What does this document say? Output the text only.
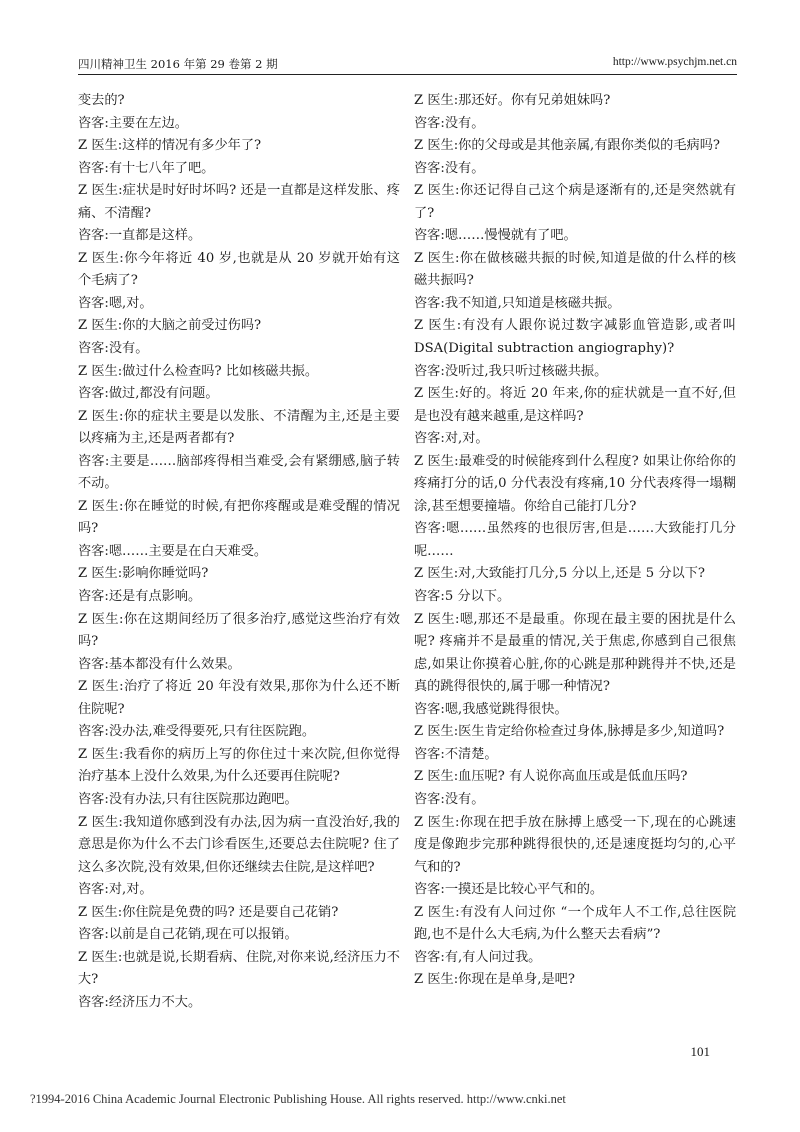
四川精神卫生 2016 年第 29 卷第 2 期	http://www.psychjm.net.cn

变去的?

咨客:主要在左边。

Z 医生:这样的情况有多少年了?

咨客:有十七八年了吧。

Z 医生:症状是时好时坏吗? 还是一直都是这样发胀、疼痛、不清醒?

咨客:一直都是这样。

Z 医生:你今年将近 40 岁,也就是从 20 岁就开始有这个毛病了?

咨客:嗯,对。

Z 医生:你的大脑之前受过伤吗?

咨客:没有。

Z 医生:做过什么检查吗? 比如核磁共振。

咨客:做过,都没有问题。

Z 医生:你的症状主要是以发胀、不清醒为主,还是主要以疼痛为主,还是两者都有?

咨客:主要是……脑部疼得相当难受,会有紧绷感,脑子转不动。

Z 医生:你在睡觉的时候,有把你疼醒或是难受醒的情况吗?

咨客:嗯……主要是在白天难受。

Z 医生:影响你睡觉吗?

咨客:还是有点影响。

Z 医生:你在这期间经历了很多治疗,感觉这些治疗有效吗?

咨客:基本都没有什么效果。

Z 医生:治疗了将近 20 年没有效果,那你为什么还不断住院呢?

咨客:没办法,难受得要死,只有往医院跑。

Z 医生:我看你的病历上写的你住过十来次院,但你觉得治疗基本上没什么效果,为什么还要再住院呢?

咨客:没有办法,只有往医院那边跑吧。

Z 医生:我知道你感到没有办法,因为病一直没治好,我的意思是你为什么不去门诊看医生,还要总去住院呢? 住了这么多次院,没有效果,但你还继续去住院,是这样吧?

咨客:对,对。

Z 医生:你住院是免费的吗? 还是要自己花销?

咨客:以前是自己花销,现在可以报销。

Z 医生:也就是说,长期看病、住院,对你来说,经济压力不大?

咨客:经济压力不大。

Z 医生:那还好。你有兄弟姐妹吗?

咨客:没有。

Z 医生:你的父母或是其他亲属,有跟你类似的毛病吗?

咨客:没有。

Z 医生:你还记得自己这个病是逐渐有的,还是突然就有了?

咨客:嗯……慢慢就有了吧。

Z 医生:你在做核磁共振的时候,知道是做的什么样的核磁共振吗?

咨客:我不知道,只知道是核磁共振。

Z 医生:有没有人跟你说过数字减影血管造影,或者叫 DSA(Digital subtraction angiography)?

咨客:没听过,我只听过核磁共振。

Z 医生:好的。将近 20 年来,你的症状就是一直不好,但是也没有越来越重,是这样吗?

咨客:对,对。

Z 医生:最难受的时候能疼到什么程度? 如果让你给你的疼痛打分的话,0 分代表没有疼痛,10 分代表疼得一塌糊涂,甚至想要撞墙。你给自己能打几分?

咨客:嗯……虽然疼的也很厉害,但是……大致能打几分呢……

Z 医生:对,大致能打几分,5 分以上,还是 5 分以下?

咨客:5 分以下。

Z 医生:嗯,那还不是最重。你现在最主要的困扰是什么呢? 疼痛并不是最重的情况,关于焦虑,你感到自己很焦虑,如果让你摸着心脏,你的心跳是那种跳得并不快,还是真的跳得很快的,属于哪一种情况?

咨客:嗯,我感觉跳得很快。

Z 医生:医生肯定给你检查过身体,脉搏是多少,知道吗?

咨客:不清楚。

Z 医生:血压呢? 有人说你高血压或是低血压吗?

咨客:没有。

Z 医生:你现在把手放在脉搏上感受一下,现在的心跳速度是像跑步完那种跳得很快的,还是速度挺均匀的,心平气和的?

咨客:一摸还是比较心平气和的。

Z 医生:有没有人问过你 “一个成年人不工作,总往医院跑,也不是什么大毛病,为什么整天去看病”?

咨客:有,有人问过我。

Z 医生:你现在是单身,是吧?

101
?1994-2016 China Academic Journal Electronic Publishing House. All rights reserved. http://www.cnki.net
